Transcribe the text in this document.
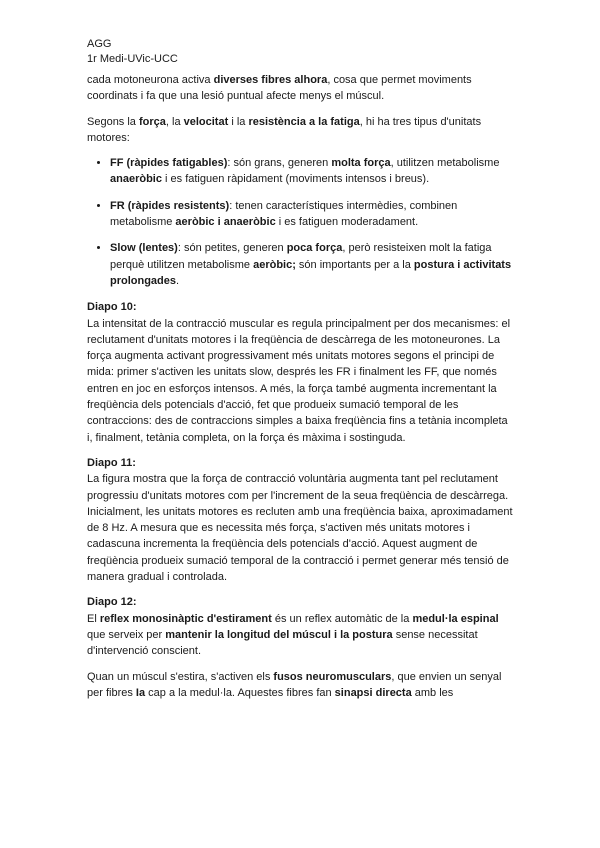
AGG
1r Medi-UVic-UCC

cada motoneurona activa diverses fibres alhora, cosa que permet moviments coordinats i fa que una lesió puntual afecte menys el múscul.

Segons la força, la velocitat i la resistència a la fatiga, hi ha tres tipus d'unitats motores:

• FF (ràpides fatigables): són grans, generen molta força, utilitzen metabolisme anaeròbic i es fatiguen ràpidament (moviments intensos i breus).
• FR (ràpides resistents): tenen característiques intermèdies, combinen metabolisme aeròbic i anaeròbic i es fatiguen moderadament.
• Slow (lentes): són petites, generen poca força, però resisteixen molt la fatiga perquè utilitzen metabolisme aeròbic; són importants per a la postura i activitats prolongades.
Diapo 10:

La intensitat de la contracció muscular es regula principalment per dos mecanismes: el reclutament d'unitats motores i la freqüència de descàrrega de les motoneurones. La força augmenta activant progressivament més unitats motores segons el principi de mida: primer s'activen les unitats slow, després les FR i finalment les FF, que només entren en joc en esforços intensos. A més, la força també augmenta incrementant la freqüència dels potencials d'acció, fet que produeix sumació temporal de les contraccions: des de contraccions simples a baixa freqüència fins a tetània incompleta i, finalment, tetània completa, on la força és màxima i sostinguda.

Diapo 11:

La figura mostra que la força de contracció voluntària augmenta tant pel reclutament progressiu d'unitats motores com per l'increment de la seua freqüència de descàrrega. Inicialment, les unitats motores es recluten amb una freqüència baixa, aproximadament de 8 Hz. A mesura que es necessita més força, s'activen més unitats motores i cadascuna incrementa la freqüència dels potencials d'acció. Aquest augment de freqüència produeix sumació temporal de la contracció i permet generar més tensió de manera gradual i controlada.

Diapo 12:

El reflex monosinàptic d'estirament és un reflex automàtic de la medul·la espinal que serveix per mantenir la longitud del múscul i la postura sense necessitat d'intervenció conscient.

Quan un múscul s'estira, s'activen els fusos neuromusculars, que envien un senyal per fibres Ia cap a la medul·la. Aquestes fibres fan sinapsi directa amb les
